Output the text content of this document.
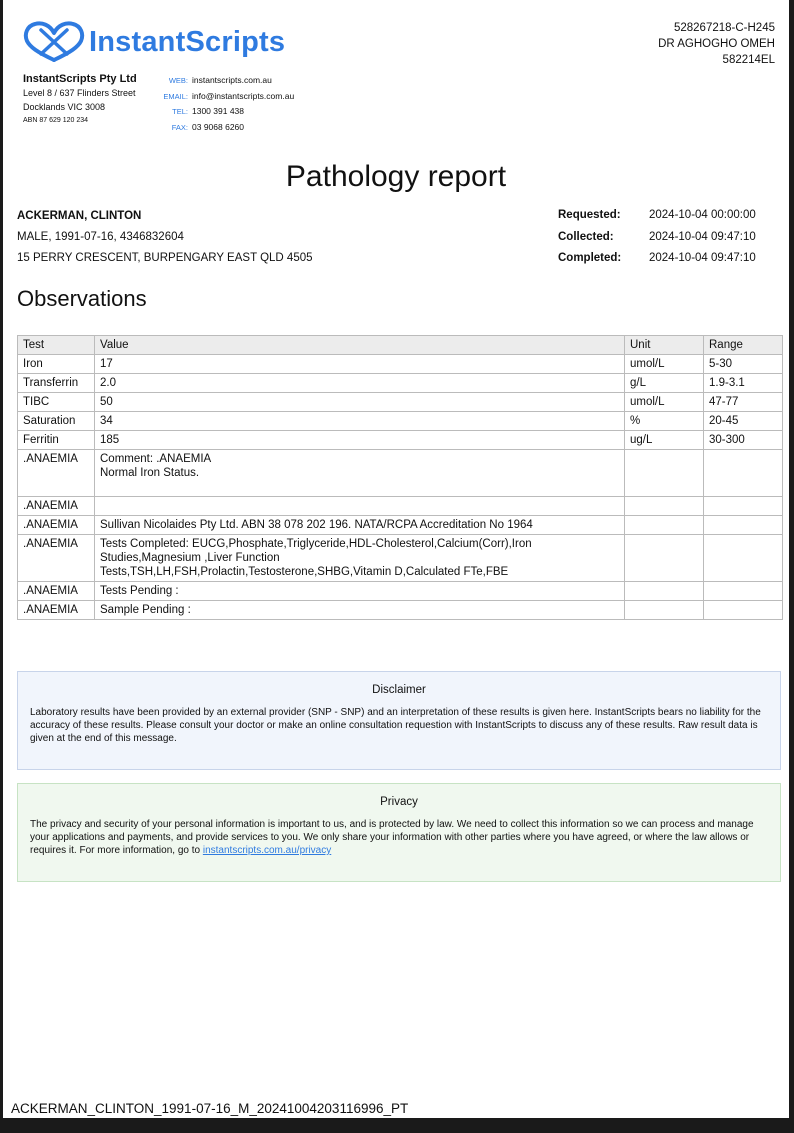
InstantScripts
InstantScripts Pty Ltd
Level 8 / 637 Flinders Street
Docklands VIC 3008
ABN 87 629 120 234
WEB: instantscripts.com.au
EMAIL: info@instantscripts.com.au
TEL: 1300 391 438
FAX: 03 9068 6260
528267218-C-H245
DR AGHOGHO OMEH
582214EL
Pathology report
ACKERMAN, CLINTON
MALE, 1991-07-16, 4346832604
15 PERRY CRESCENT, BURPENGARY EAST QLD 4505
Requested:	2024-10-04 00:00:00
Collected:	2024-10-04 09:47:10
Completed:	2024-10-04 09:47:10
Observations
Test	Value	Unit	Range
Iron	17	umol/L	5-30
Transferrin	2.0	g/L	1.9-3.1
TIBC	50	umol/L	47-77
Saturation	34	%	20-45
Ferritin	185	ug/L	30-300
.ANAEMIA	Comment: .ANAEMIA
Normal Iron Status.		

.ANAEMIA	

.ANAEMIA	Sullivan Nicolaides Pty Ltd. ABN 38 078 202 196. NATA/RCPA Accreditation No 1964		

.ANAEMIA	Tests Completed: EUCG,Phosphate,Triglyceride,HDL-Cholesterol,Calcium(Corr),Iron
Studies,Magnesium ,Liver Function
Tests,TSH,LH,FSH,Prolactin,Testosterone,SHBG,Vitamin D,Calculated FTe,FBE		

.ANAEMIA	Tests Pending :		

.ANAEMIA	Sample Pending :		

Disclaimer
Laboratory results have been provided by an external provider (SNP - SNP) and an interpretation of these results is given here. InstantScripts bears no liability for the accuracy of these results. Please consult your doctor or make an online consultation requestion with InstantScripts to discuss any of these results. Raw result data is given at the end of this message.
Privacy
The privacy and security of your personal information is important to us, and is protected by law. We need to collect this information so we can process and manage your applications and payments, and provide services to you. We only share your information with other parties where you have agreed, or where the law allows or requires it. For more information, go to instantscripts.com.au/privacy
ACKERMAN_CLINTON_1991-07-16_M_20241004203116996_PT
